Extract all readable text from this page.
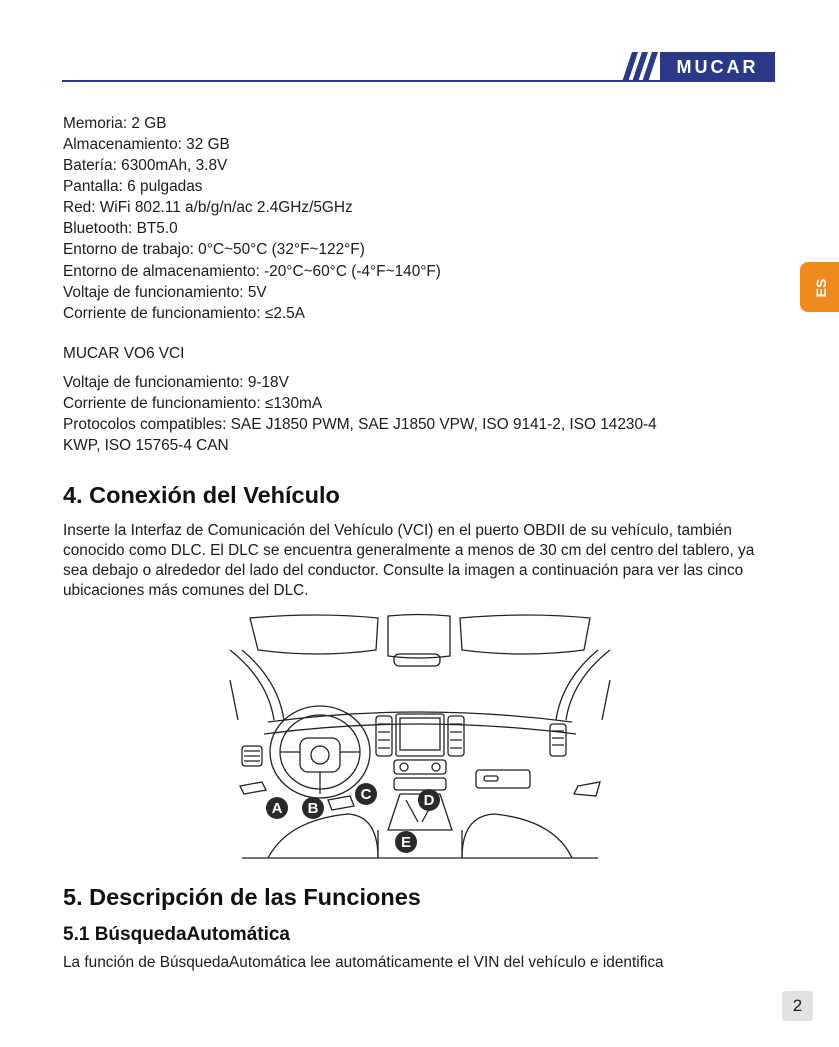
MUCAR
ES
Memoria: 2 GB
Almacenamiento: 32 GB
Batería: 6300mAh, 3.8V
Pantalla: 6 pulgadas
Red: WiFi 802.11 a/b/g/n/ac 2.4GHz/5GHz
Bluetooth: BT5.0
Entorno de trabajo: 0°C~50°C (32°F~122°F)
Entorno de almacenamiento: -20°C~60°C (-4°F~140°F)
Voltaje de funcionamiento: 5V
Corriente de funcionamiento: ≤2.5A
MUCAR VO6 VCI
Voltaje de funcionamiento: 9-18V
Corriente de funcionamiento: ≤130mA
Protocolos compatibles: SAE J1850 PWM, SAE J1850 VPW, ISO 9141-2, ISO 14230-4
KWP, ISO 15765-4 CAN
4. Conexión del Vehículo
Inserte la Interfaz de Comunicación del Vehículo (VCI) en el puerto OBDII de su vehículo, también conocido como DLC. El DLC se encuentra generalmente a menos de 30 cm del centro del tablero, ya sea debajo o alrededor del lado del conductor. Consulte la imagen a continuación para ver las cinco ubicaciones más comunes del DLC.
A B
C	D
E
5. Descripción de las Funciones
5.1 BúsquedaAutomática
La función de BúsquedaAutomática lee automáticamente el VIN del vehículo e identifica
2
